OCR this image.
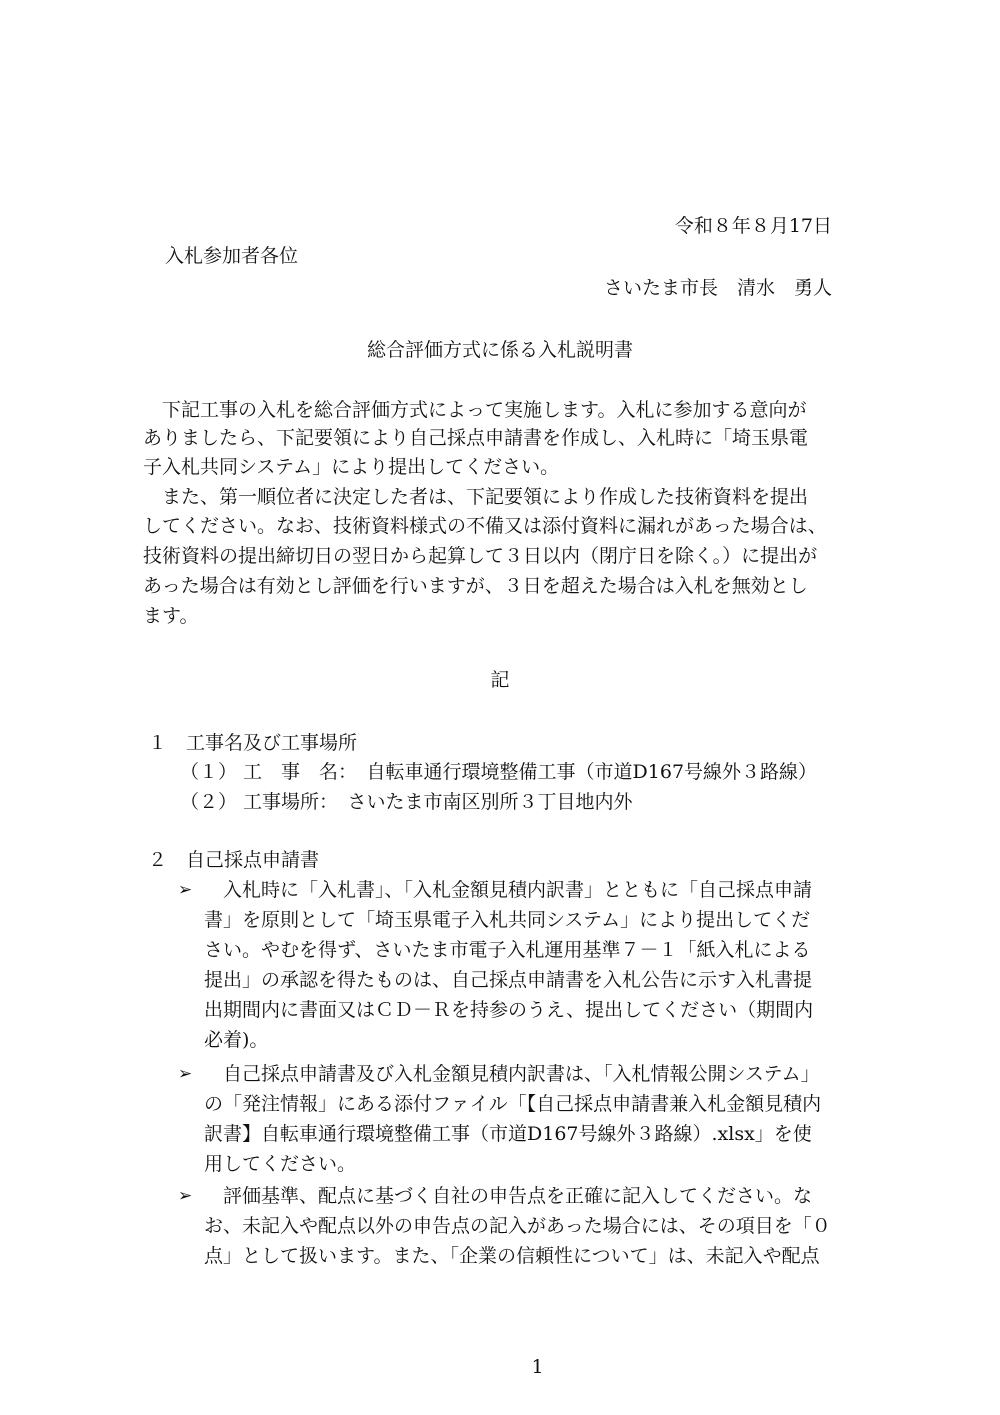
令和８年８月17日
入札参加者各位
さいたま市長　清水　勇人
総合評価方式に係る入札説明書
　下記工事の入札を総合評価方式によって実施します。入札に参加する意向が
ありましたら、下記要領により自己採点申請書を作成し、入札時に「埼玉県電
子入札共同システム」により提出してください。
　また、第一順位者に決定した者は、下記要領により作成した技術資料を提出
してください。なお、技術資料様式の不備又は添付資料に漏れがあった場合は、
技術資料の提出締切日の翌日から起算して３日以内（閉庁日を除く。）に提出が
あった場合は有効とし評価を行いますが、３日を超えた場合は入札を無効とし
ます。
記
１　工事名及び工事場所
（１） 工　事　名：　自転車通行環境整備工事（市道D167号線外３路線）
（２） 工事場所：　さいたま市南区別所３丁目地内外
２　自己採点申請書
➢ 　入札時に「入札書」、「入札金額見積内訳書」とともに「自己採点申請
書」を原則として「埼玉県電子入札共同システム」により提出してくだ
さい。やむを得ず、さいたま市電子入札運用基準７－１「紙入札による
提出」の承認を得たものは、自己採点申請書を入札公告に示す入札書提
出期間内に書面又はＣＤ－Ｒを持参のうえ、提出してください（期間内
必着)。
➢ 　自己採点申請書及び入札金額見積内訳書は、「入札情報公開システム」
の「発注情報」にある添付ファイル「【自己採点申請書兼入札金額見積内
訳書】自転車通行環境整備工事（市道D167号線外３路線）.xlsx」を使
用してください。
➢ 　評価基準、配点に基づく自社の申告点を正確に記入してください。な
お、未記入や配点以外の申告点の記入があった場合には、その項目を「０
点」として扱います。また、「企業の信頼性について」は、未記入や配点
1
